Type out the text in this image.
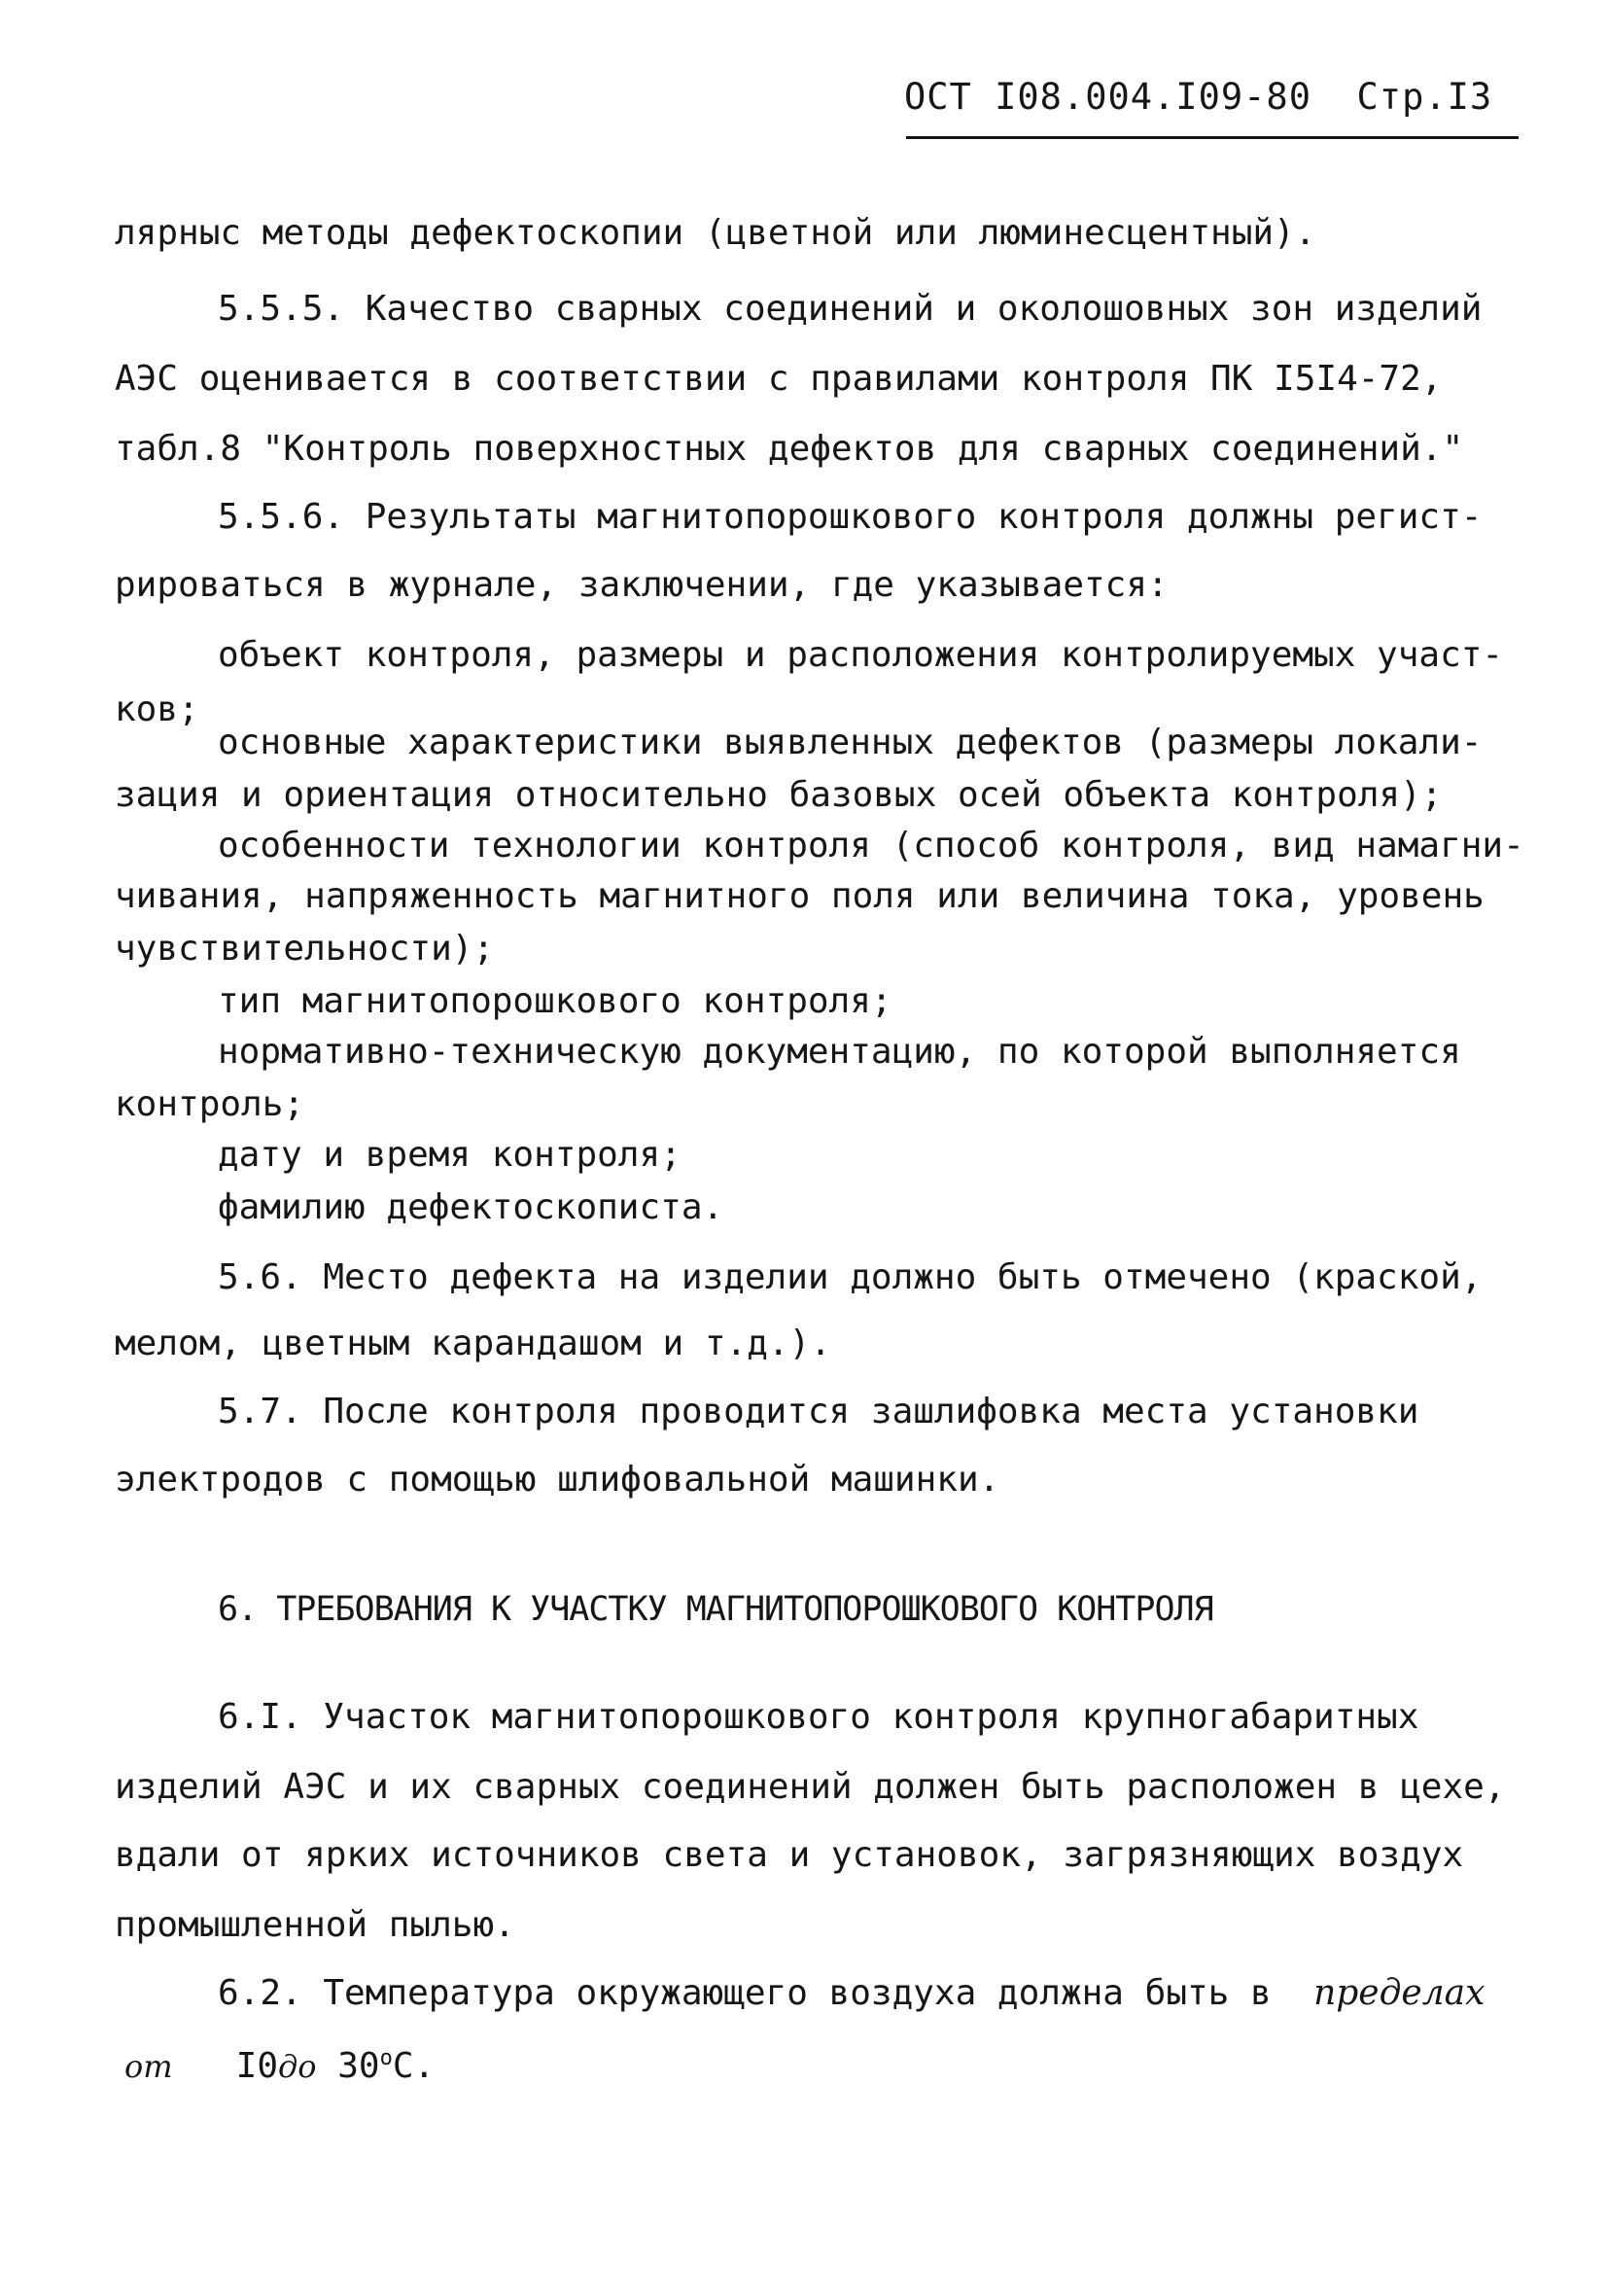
ОСТ I08.004.I09-80 Стр.I3
лярныс методы дефектоскопии (цветной или люминесцентный).
5.5.5. Качество сварных соединений и околошовных зон изделий
АЭС оценивается в соответствии с правилами контроля ПК I5I4-72,
табл.8 "Контроль поверхностных дефектов для сварных соединений."
5.5.6. Результаты магнитопорошкового контроля должны регист-
рироваться в журнале, заключении, где указывается:
объект контроля, размеры и расположения контролируемых участ-
ков;
основные характеристики выявленных дефектов (размеры локали-
зация и ориентация относительно базовых осей объекта контроля);
особенности технологии контроля (способ контроля, вид намагни-
чивания, напряженность магнитного поля или величина тока, уровень
чувствительности);
тип магнитопорошкового контроля;
нормативно-техническую документацию, по которой выполняется
контроль;
дату и время контроля;
фамилию дефектоскописта.
5.6. Место дефекта на изделии должно быть отмечено (краской,
мелом, цветным карандашом и т.д.).
5.7. После контроля проводится зашлифовка места установки
электродов с помощью шлифовальной машинки.
6. ТРЕБОВАНИЯ К УЧАСТКУ МАГНИТОПОРОШКОВОГО КОНТРОЛЯ
6.I. Участок магнитопорошкового контроля крупногабаритных
изделий АЭС и их сварных соединений должен быть расположен в цехе,
вдали от ярких источников света и установок, загрязняющих воздух
промышленной пылью.
6.2. Температура окружающего воздуха должна быть в пределах
от I0до $30^оС$.
